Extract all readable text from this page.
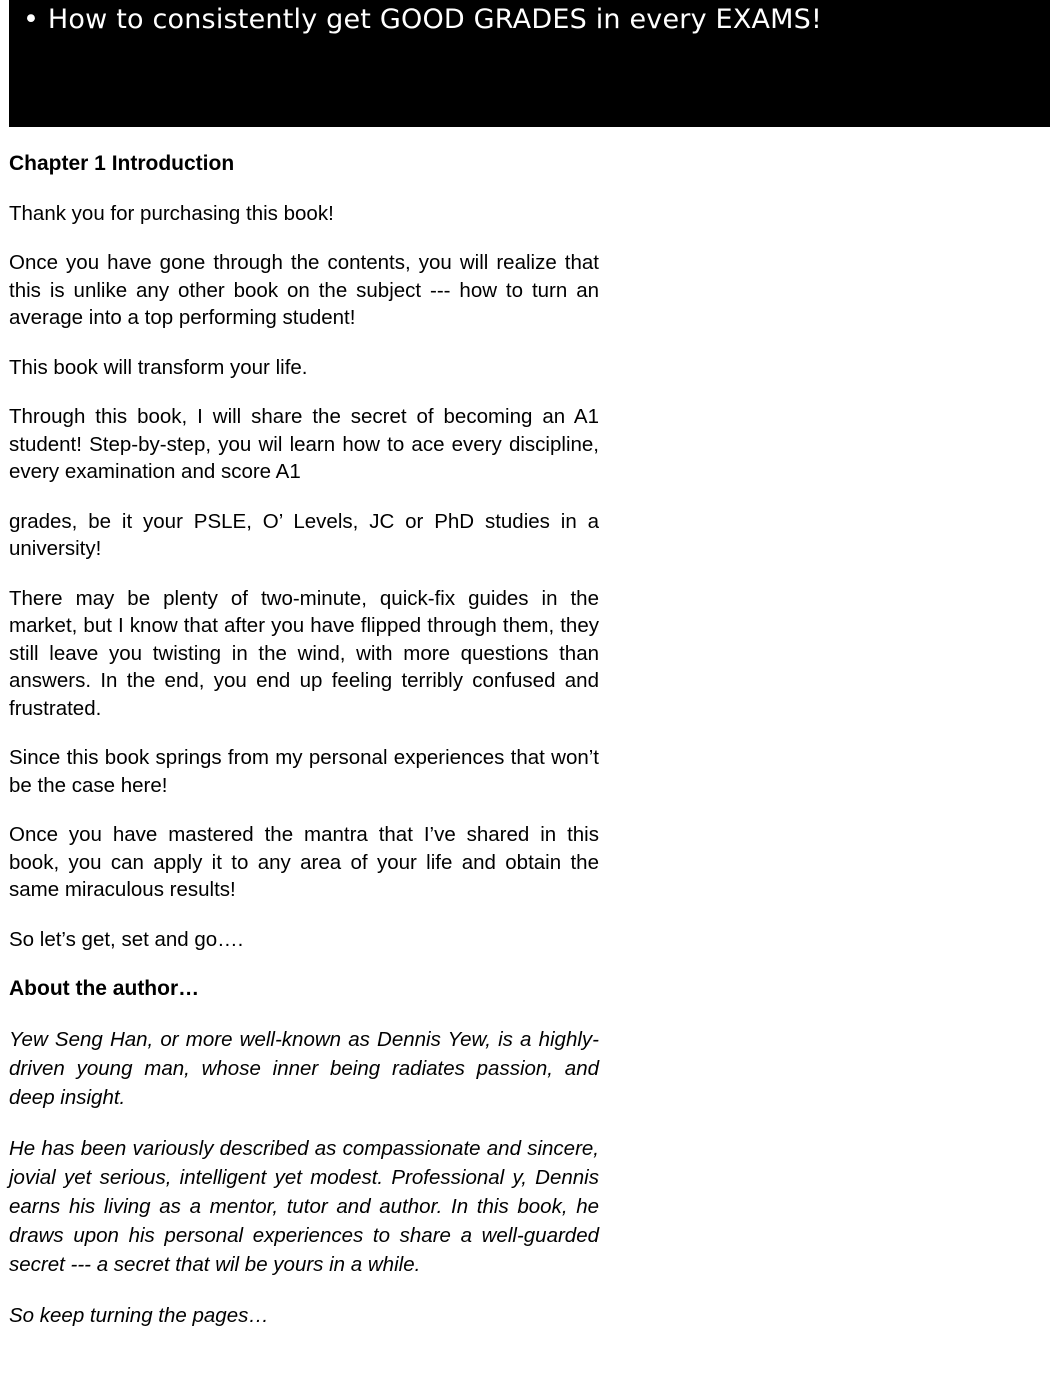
• How to consistently get GOOD GRADES in every EXAMS!
Chapter 1 Introduction

Thank you for purchasing this book!

Once you have gone through the contents, you will realize that this is unlike any other book on the subject --- how to turn an average into a top performing student!

This book will transform your life.

Through this book, I will share the secret of becoming an A1 student! Step-by-step, you wil learn how to ace every discipline, every examination and score A1

grades, be it your PSLE, O’ Levels, JC or PhD studies in a university!

There may be plenty of two-minute, quick-fix guides in the market, but I know that after you have flipped through them, they still leave you twisting in the wind, with more questions than answers. In the end, you end up feeling terribly confused and frustrated.

Since this book springs from my personal experiences that won’t be the case here!

Once you have mastered the mantra that I’ve shared in this book, you can apply it to any area of your life and obtain the same miraculous results!

So let’s get, set and go….

About the author…

Yew Seng Han, or more well-known as Dennis Yew, is a highly-driven young man, whose inner being radiates passion, and deep insight.

He has been variously described as compassionate and sincere, jovial yet serious, intelligent yet modest. Professional y, Dennis earns his living as a mentor, tutor and author. In this book, he draws upon his personal experiences to share a well-guarded secret --- a secret that wil be yours in a while.

So keep turning the pages…
